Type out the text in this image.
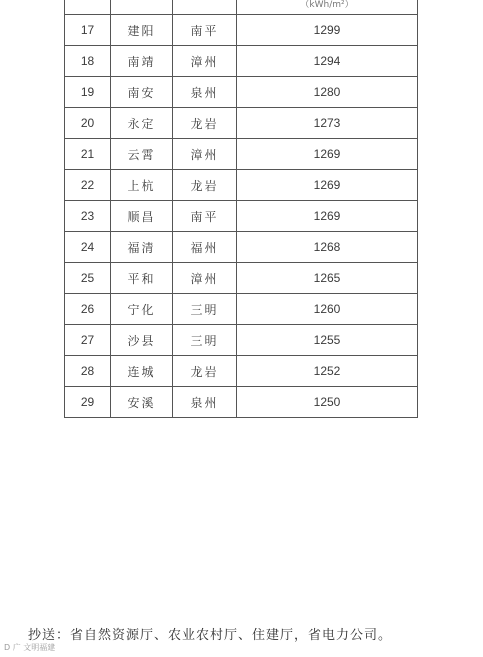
			$^{(kWh/m^2)}$
17	建阳	南平	1299
18	南靖	漳州	1294
19	南安	泉州	1280
20	永定	龙岩	1273
21	云霄	漳州	1269
22	上杭	龙岩	1269
23	顺昌	南平	1269
24	福清	福州	1268
25	平和	漳州	1265
26	宁化	三明	1260
27	沙县	三明	1255
28	连城	龙岩	1252
29	安溪	泉州	1250
抄送：省自然资源厅、农业农村厅、住建厅，省电力公司。
D 广 文明福建
